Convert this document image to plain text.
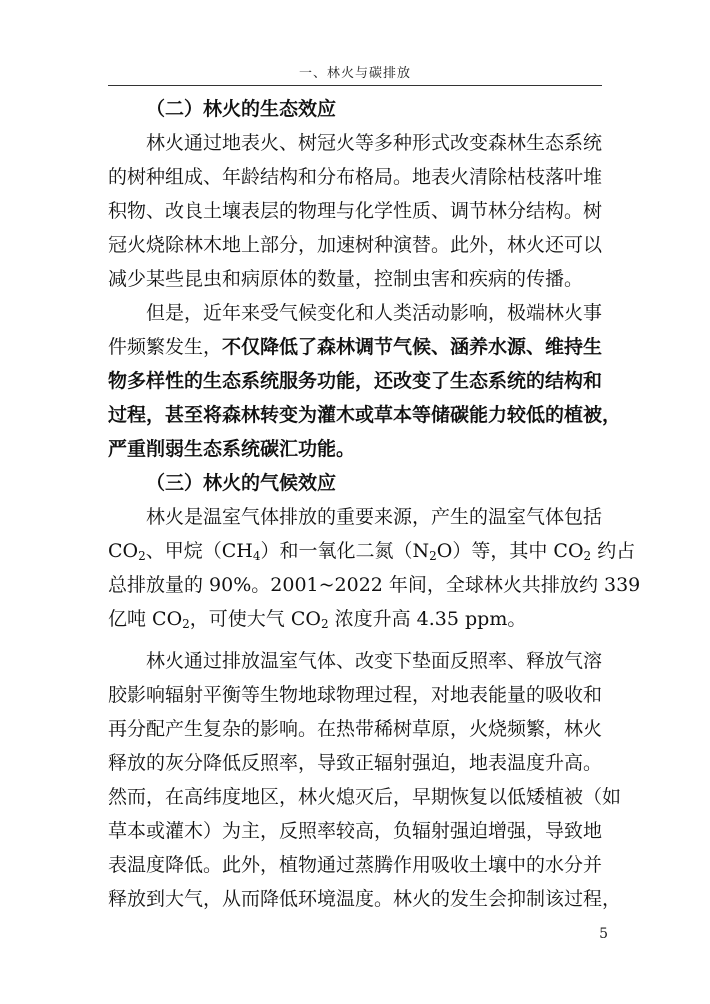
一、林火与碳排放
（二）林火的生态效应
林火通过地表火、树冠火等多种形式改变森林生态系统
的树种组成、年龄结构和分布格局。地表火清除枯枝落叶堆
积物、改良土壤表层的物理与化学性质、调节林分结构。树
冠火烧除林木地上部分，加速树种演替。此外，林火还可以
减少某些昆虫和病原体的数量，控制虫害和疾病的传播。
但是，近年来受气候变化和人类活动影响，极端林火事
件频繁发生，不仅降低了森林调节气候、涵养水源、维持生
物多样性的生态系统服务功能，还改变了生态系统的结构和
过程，甚至将森林转变为灌木或草本等储碳能力较低的植被，
严重削弱生态系统碳汇功能。
（三）林火的气候效应
林火是温室气体排放的重要来源，产生的温室气体包括
$CO_2$、甲烷$(CH_4)$和一氧化二氮$(N_2O)$等，其中 $CO_2$ 约占
总排放量的 90%。2001~2022 年间，全球林火共排放约 339
亿吨 $CO_2$，可使大气 $CO_2$ 浓度升高 4.35 ppm。
林火通过排放温室气体、改变下垫面反照率、释放气溶
胶影响辐射平衡等生物地球物理过程，对地表能量的吸收和
再分配产生复杂的影响。在热带稀树草原，火烧频繁，林火
释放的灰分降低反照率，导致正辐射强迫，地表温度升高。
然而，在高纬度地区，林火熄灭后，早期恢复以低矮植被（如
草本或灌木）为主，反照率较高，负辐射强迫增强，导致地
表温度降低。此外，植物通过蒸腾作用吸收土壤中的水分并
释放到大气，从而降低环境温度。林火的发生会抑制该过程，
5
